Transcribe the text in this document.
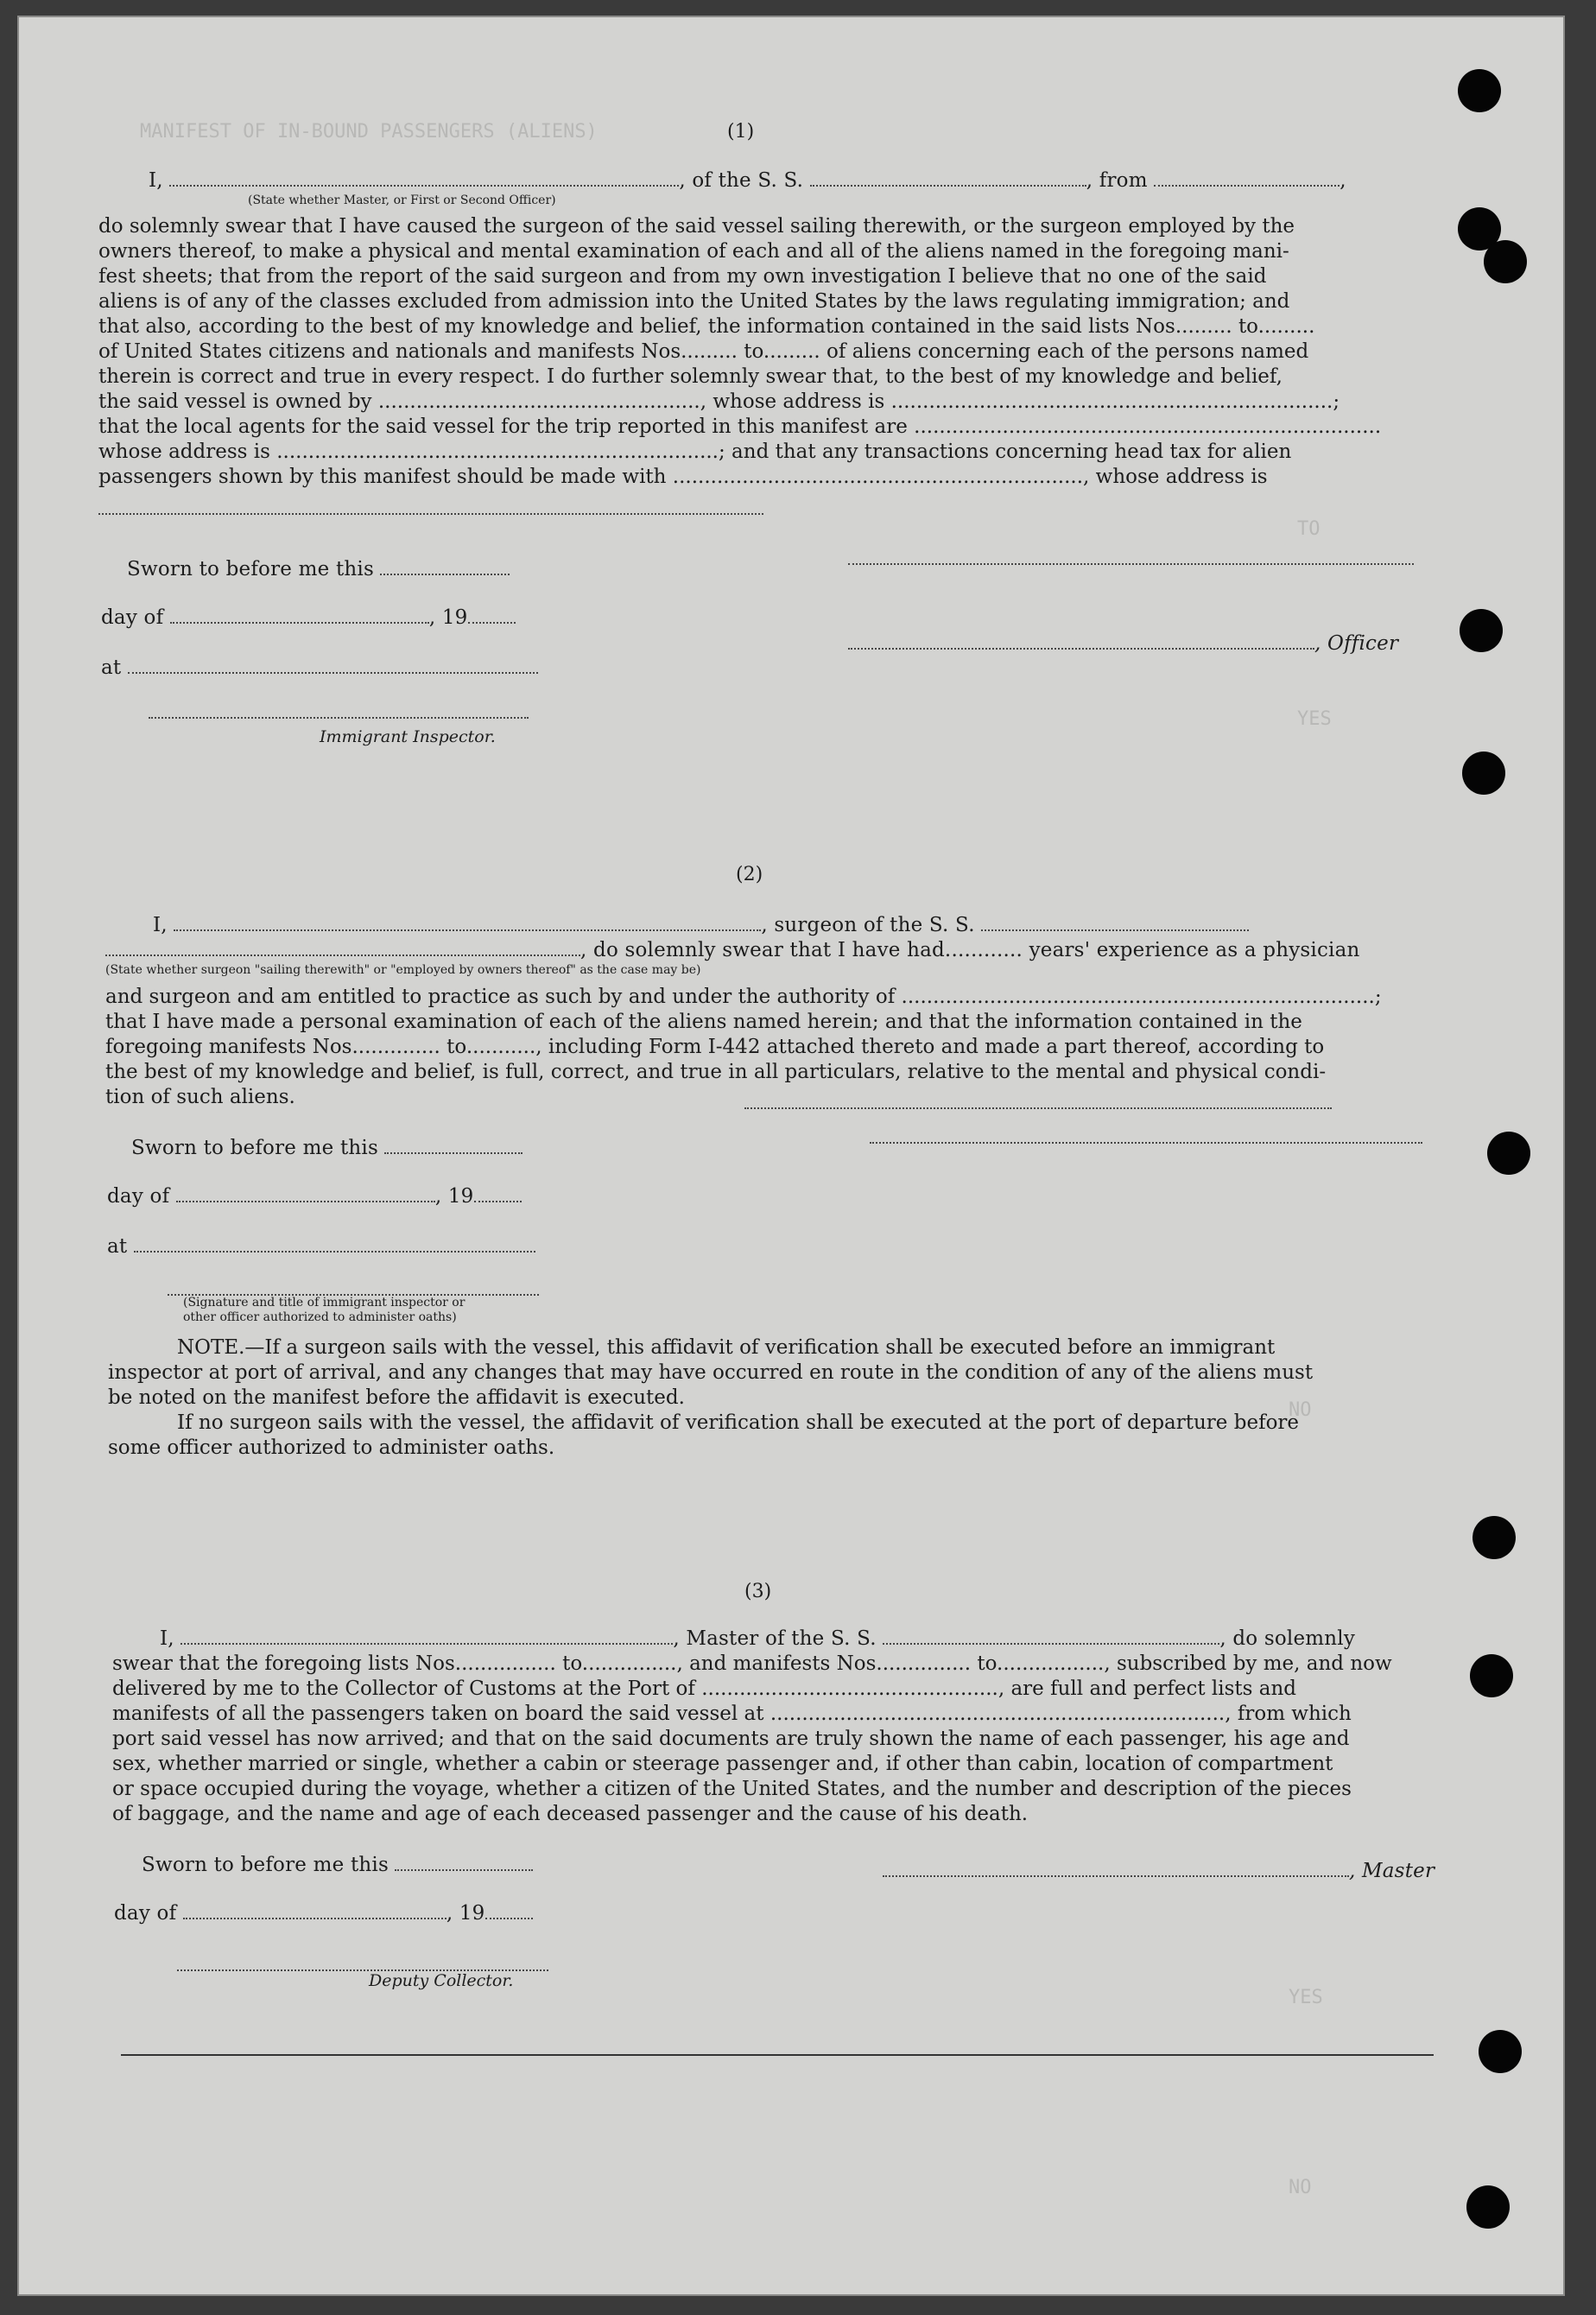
MANIFEST OF IN-BOUND PASSENGERS (ALIENS)
TO
YES
NO
YES
NO
(1)
I,	, of the S. S.	, from	,
(State whether Master, or First or Second Officer)
do solemnly swear that I have caused the surgeon of the said vessel sailing therewith, or the surgeon employed by the
owners thereof, to make a physical and mental examination of each and all of the aliens named in the foregoing mani-
fest sheets; that from the report of the said surgeon and from my own investigation I believe that no one of the said
aliens is of any of the classes excluded from admission into the United States by the laws regulating immigration; and
that also, according to the best of my knowledge and belief, the information contained in the said lists Nos......... to.........
of United States citizens and nationals and manifests Nos......... to......... of aliens concerning each of the persons named
therein is correct and true in every respect. I do further solemnly swear that, to the best of my knowledge and belief,
the said vessel is owned by ..................................................., whose address is ......................................................................;
that the local agents for the said vessel for the trip reported in this manifest are ..........................................................................
whose address is ......................................................................; and that any transactions concerning head tax for alien
passengers shown by this manifest should be made with ................................................................., whose address is
Sworn to before me this
day of	, 19
, Officer
at
Immigrant Inspector.
(2)
I,	, surgeon of the S. S.
, do solemnly swear that I have had............ years' experience as a physician
(State whether surgeon "sailing therewith" or "employed by owners thereof" as the case may be)
and surgeon and am entitled to practice as such by and under the authority of ...........................................................................;
that I have made a personal examination of each of the aliens named herein; and that the information contained in the
foregoing manifests Nos.............. to..........., including Form I-442 attached thereto and made a part thereof, according to
the best of my knowledge and belief, is full, correct, and true in all particulars, relative to the mental and physical condi-
tion of such aliens.
Sworn to before me this
day of	, 19
at
(Signature and title of immigrant inspector or
other officer authorized to administer oaths)
NOTE.—If a surgeon sails with the vessel, this affidavit of verification shall be executed before an immigrant
inspector at port of arrival, and any changes that may have occurred en route in the condition of any of the aliens must
be noted on the manifest before the affidavit is executed.
If no surgeon sails with the vessel, the affidavit of verification shall be executed at the port of departure before
some officer authorized to administer oaths.
(3)
I,	, Master of the S. S.	, do solemnly
swear that the foregoing lists Nos................ to..............., and manifests Nos............... to................., subscribed by me, and now
delivered by me to the Collector of Customs at the Port of ..............................................., are full and perfect lists and
manifests of all the passengers taken on board the said vessel at ........................................................................, from which
port said vessel has now arrived; and that on the said documents are truly shown the name of each passenger, his age and
sex, whether married or single, whether a cabin or steerage passenger and, if other than cabin, location of compartment
or space occupied during the voyage, whether a citizen of the United States, and the number and description of the pieces
of baggage, and the name and age of each deceased passenger and the cause of his death.
Sworn to before me this	, Master
day of	, 19
Deputy Collector.
